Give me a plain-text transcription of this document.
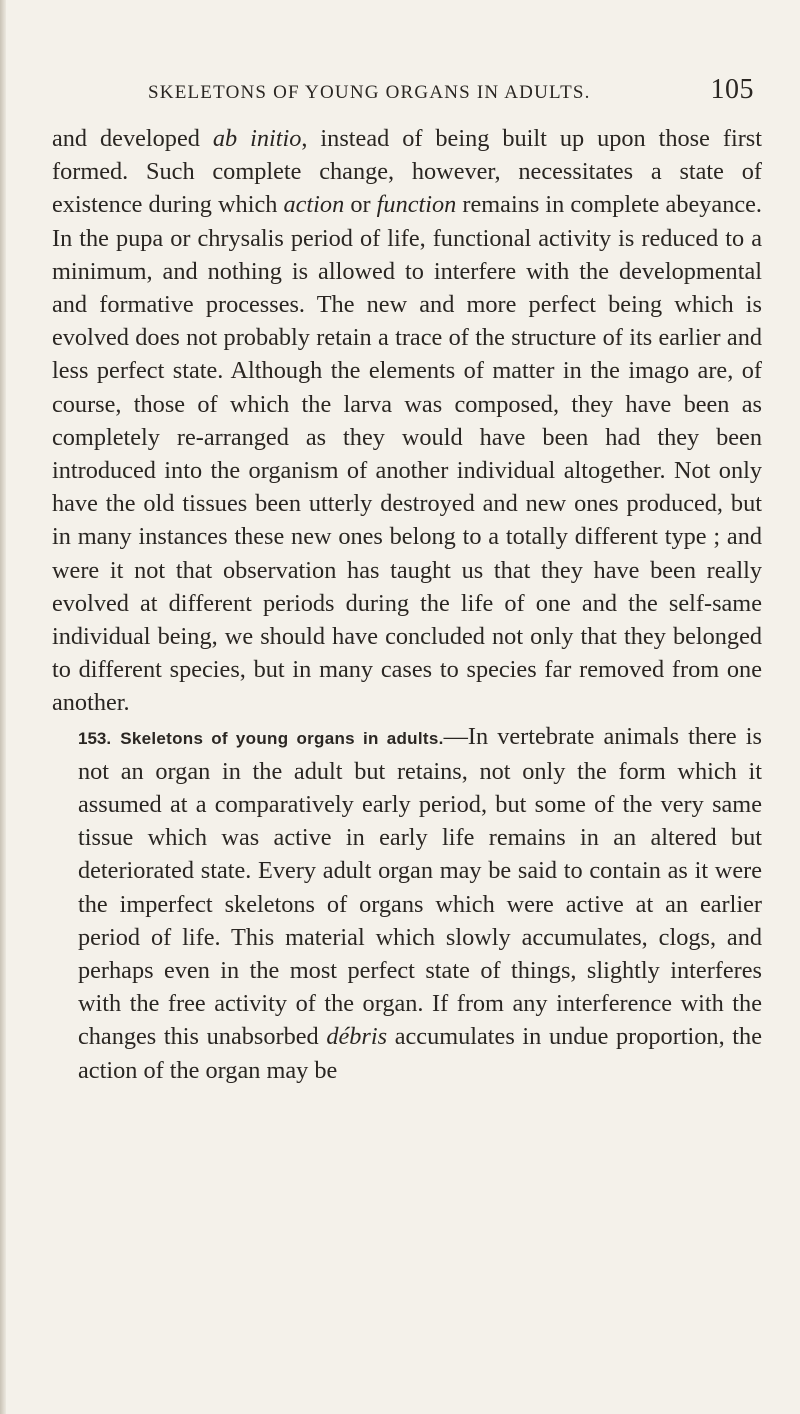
SKELETONS OF YOUNG ORGANS IN ADULTS.	105

and developed ab initio, instead of being built up upon those first formed. Such complete change, however, necessitates a state of existence during which action or function remains in complete abeyance. In the pupa or chrysalis period of life, functional activity is reduced to a minimum, and nothing is allowed to interfere with the developmental and formative processes. The new and more perfect being which is evolved does not probably retain a trace of the structure of its earlier and less perfect state. Although the elements of matter in the imago are, of course, those of which the larva was composed, they have been as completely re-arranged as they would have been had they been introduced into the organism of another individual altogether. Not only have the old tissues been utterly destroyed and new ones produced, but in many instances these new ones belong to a totally different type ; and were it not that observation has taught us that they have been really evolved at different periods during the life of one and the self-same individual being, we should have concluded not only that they belonged to different species, but in many cases to species far removed from one another.

153. Skeletons of young organs in adults.—In vertebrate animals there is not an organ in the adult but retains, not only the form which it assumed at a comparatively early period, but some of the very same tissue which was active in early life remains in an altered but deteriorated state. Every adult organ may be said to contain as it were the imperfect skeletons of organs which were active at an earlier period of life. This material which slowly accumulates, clogs, and perhaps even in the most perfect state of things, slightly interferes with the free activity of the organ. If from any interference with the changes this unabsorbed débris accumulates in undue proportion, the action of the organ may be
